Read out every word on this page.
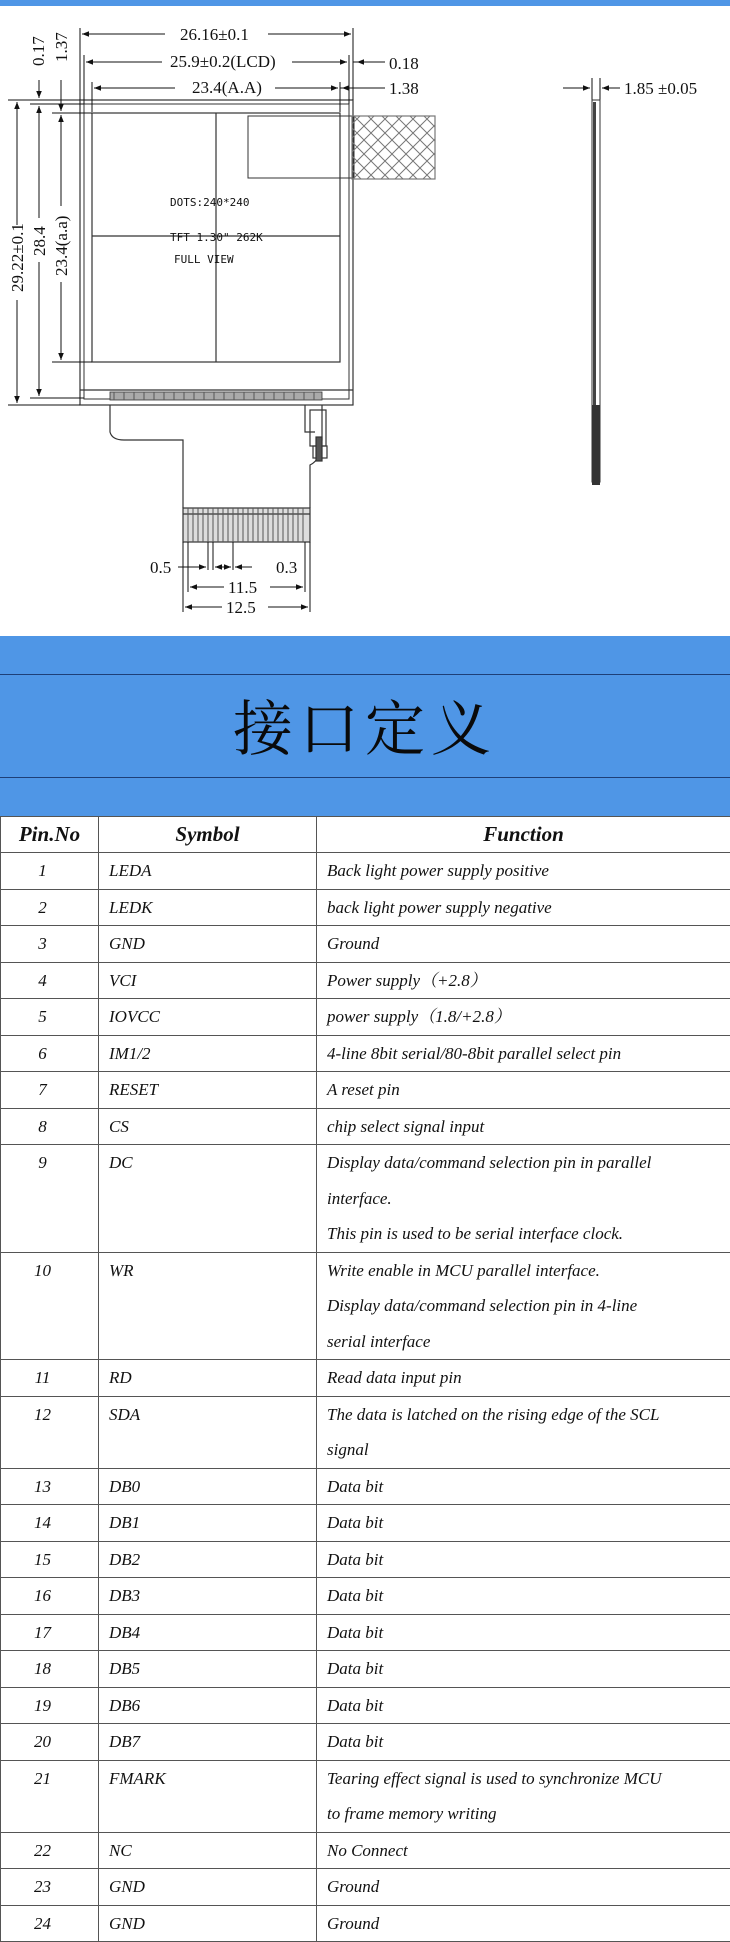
DOTS:240*240
TFT 1.30" 262K
FULL VIEW
26.16±0.1
25.9±0.2(LCD)
23.4(A.A)
0.18
1.38	1.85 ±0.05
0.17 1.37
29.22±0.1 28.4 23.4(a.a)
0.5	0.3
11.5
12.5
接口定义
Pin.No	Symbol	Function
1	LEDA	Back light power supply positive

2	LEDK	back light power supply negative

3	GND	Ground

4	VCI	Power supply（+2.8）

5	IOVCC	power supply（1.8/+2.8）

6	IM1/2	4-line 8bit serial/80-8bit parallel select pin

7	RESET	A reset pin

8	CS	chip select signal input

9	DC	Display data/command selection pin in parallel
interface.
This pin is used to be serial interface clock.

10	WR	Write enable in MCU parallel interface.
Display data/command selection pin in 4-line
serial interface

11	RD	Read data input pin

12	SDA	The data is latched on the rising edge of the SCL
signal

13	DB0	Data bit

14	DB1	Data bit

15	DB2	Data bit

16	DB3	Data bit

17	DB4	Data bit

18	DB5	Data bit

19	DB6	Data bit

20	DB7	Data bit

21	FMARK	Tearing effect signal is used to synchronize MCU
to frame memory writing

22	NC	No Connect

23	GND	Ground

24	GND	Ground
